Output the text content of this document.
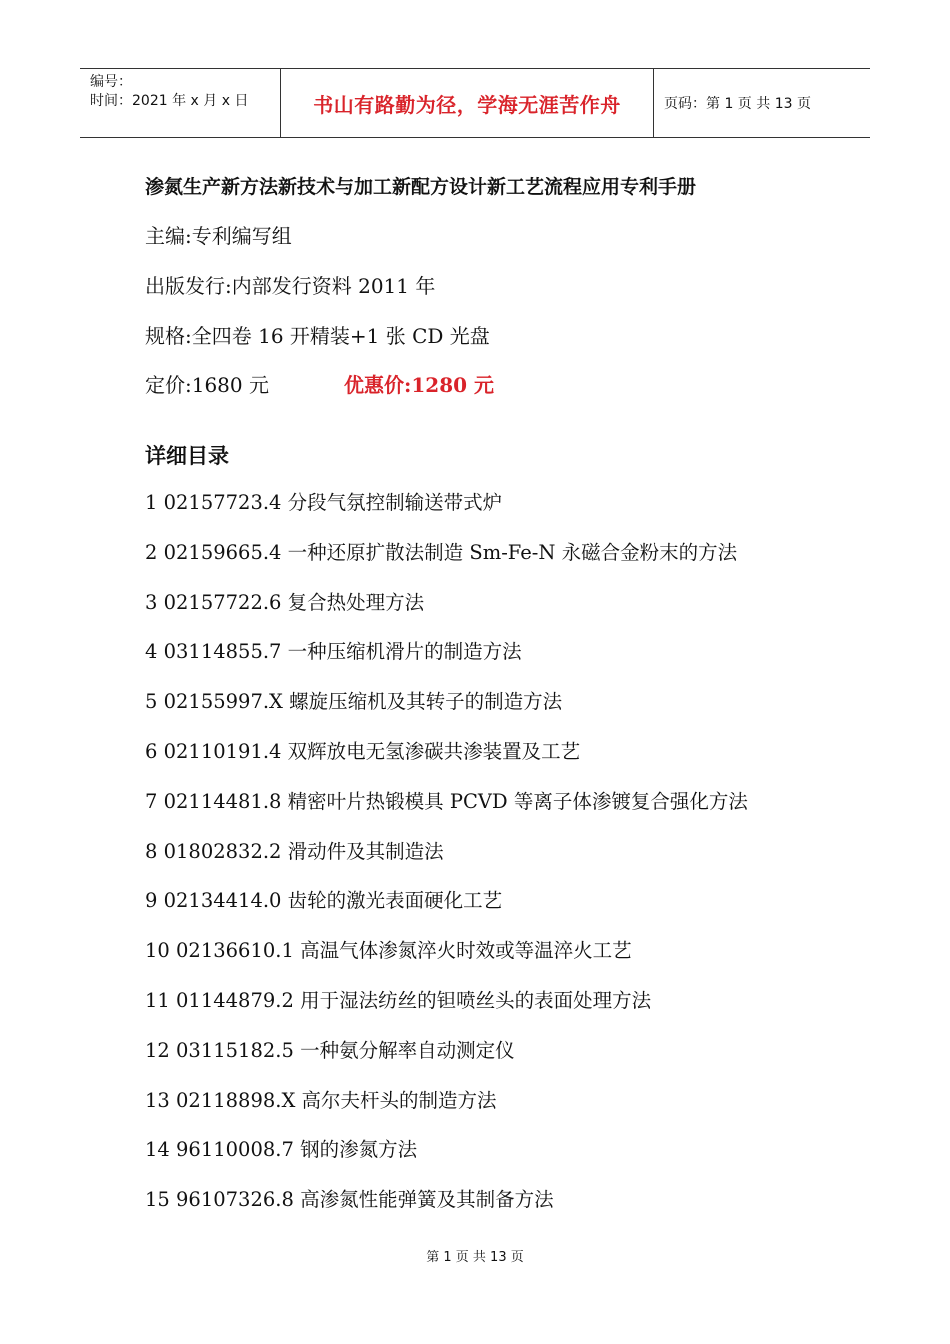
编号：
时间：2021 年 x 月 x 日	书山有路勤为径，学海无涯苦作舟	页码：第 1 页 共 13 页
渗氮生产新方法新技术与加工新配方设计新工艺流程应用专利手册
主编:专利编写组
出版发行:内部发行资料 2011 年
规格:全四卷 16 开精装+1 张 CD 光盘
定价:1680 元	优惠价:1280 元
详细目录
1 02157723.4 分段气氛控制输送带式炉
2 02159665.4 一种还原扩散法制造 Sm-Fe-N 永磁合金粉末的方法
3 02157722.6 复合热处理方法
4 03114855.7 一种压缩机滑片的制造方法
5 02155997.X 螺旋压缩机及其转子的制造方法
6 02110191.4 双辉放电无氢渗碳共渗装置及工艺
7 02114481.8 精密叶片热锻模具 PCVD 等离子体渗镀复合强化方法
8 01802832.2 滑动件及其制造法
9 02134414.0 齿轮的激光表面硬化工艺
10 02136610.1 高温气体渗氮淬火时效或等温淬火工艺
11 01144879.2 用于湿法纺丝的钽喷丝头的表面处理方法
12 03115182.5 一种氨分解率自动测定仪
13 02118898.X 高尔夫杆头的制造方法
14 96110008.7 钢的渗氮方法
15 96107326.8 高渗氮性能弹簧及其制备方法
第 1 页 共 13 页
